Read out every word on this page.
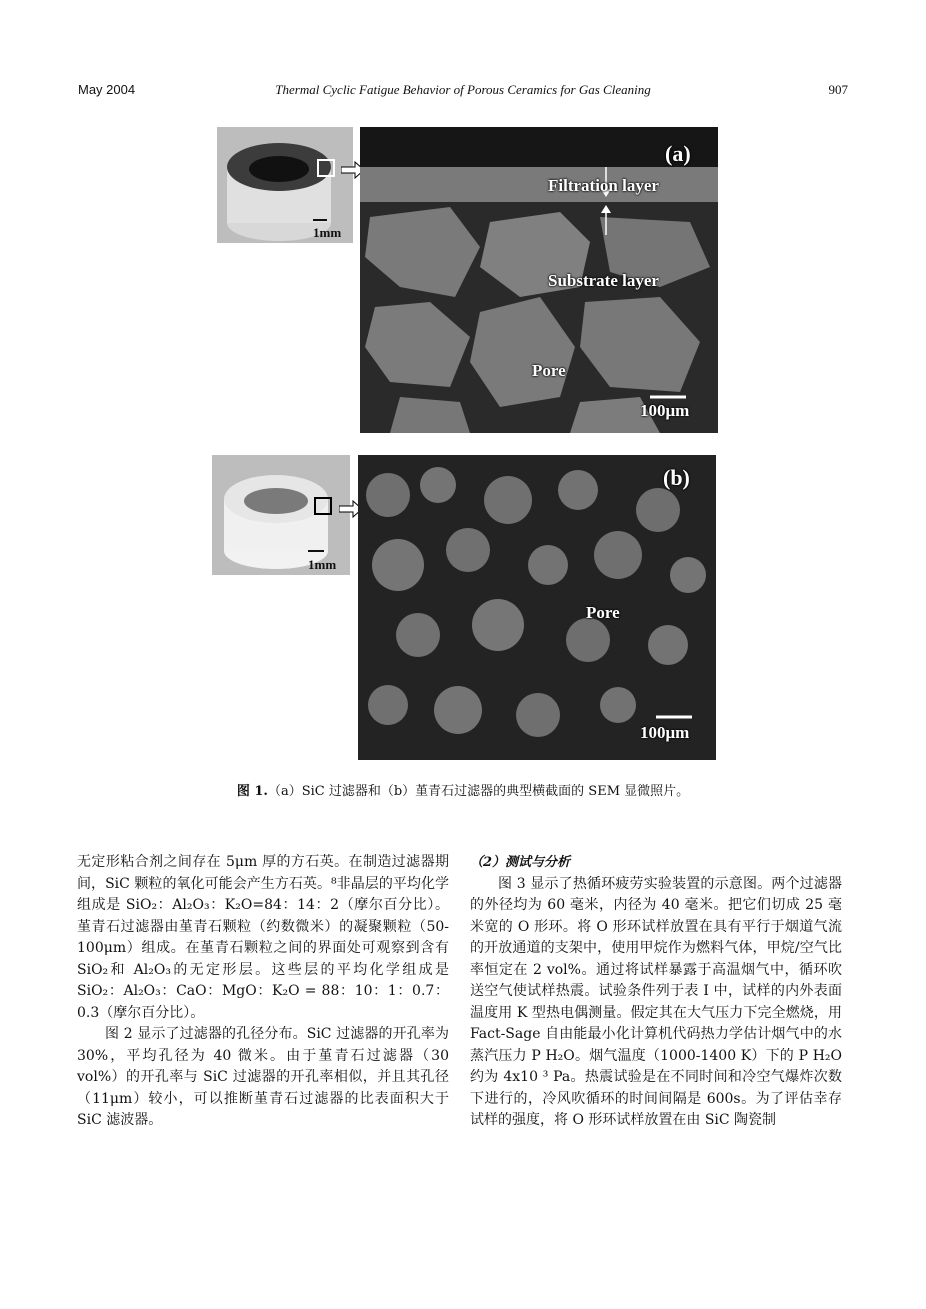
May 2004	Thermal Cyclic Fatigue Behavior of Porous Ceramics for Gas Cleaning	907
1mm
(a)
Filtration layer
Substrate layer
Pore
100μm
1mm
(b)
Pore
100μm
图 1.（a）SiC 过滤器和（b）堇青石过滤器的典型横截面的 SEM 显微照片。

无定形粘合剂之间存在 5μm 厚的方石英。在制造过滤器期间，SiC 颗粒的氧化可能会产生方石英。⁸非晶层的平均化学组成是 SiO₂：Al₂O₃：K₂O=84：14：2（摩尔百分比）。堇青石过滤器由堇青石颗粒（约数微米）的凝聚颗粒（50-100μm）组成。在堇青石颗粒之间的界面处可观察到含有 SiO₂和 Al₂O₃的无定形层。这些层的平均化学组成是 SiO₂：Al₂O₃：CaO：MgO：K₂O = 88：10：1：0.7：0.3（摩尔百分比）。

图 2 显示了过滤器的孔径分布。SiC 过滤器的开孔率为 30%，平均孔径为 40 微米。由于堇青石过滤器（30 vol%）的开孔率与 SiC 过滤器的开孔率相似，并且其孔径（11μm）较小，可以推断堇青石过滤器的比表面积大于 SiC 滤波器。

（2）测试与分析

图 3 显示了热循环疲劳实验装置的示意图。两个过滤器的外径均为 60 毫米，内径为 40 毫米。把它们切成 25 毫米宽的 O 形环。将 O 形环试样放置在具有平行于烟道气流的开放通道的支架中，使用甲烷作为燃料气体，甲烷/空气比率恒定在 2 vol%。通过将试样暴露于高温烟气中，循环吹送空气使试样热震。试验条件列于表 I 中，试样的内外表面温度用 K 型热电偶测量。假定其在大气压力下完全燃烧，用 Fact-Sage 自由能最小化计算机代码热力学估计烟气中的水蒸汽压力 P H₂O。烟气温度（1000-1400 K）下的 P H₂O 约为 4x10 ³ Pa。热震试验是在不同时间和冷空气爆炸次数下进行的，冷风吹循环的时间间隔是 600s。为了评估幸存试样的强度，将 O 形环试样放置在由 SiC 陶瓷制
